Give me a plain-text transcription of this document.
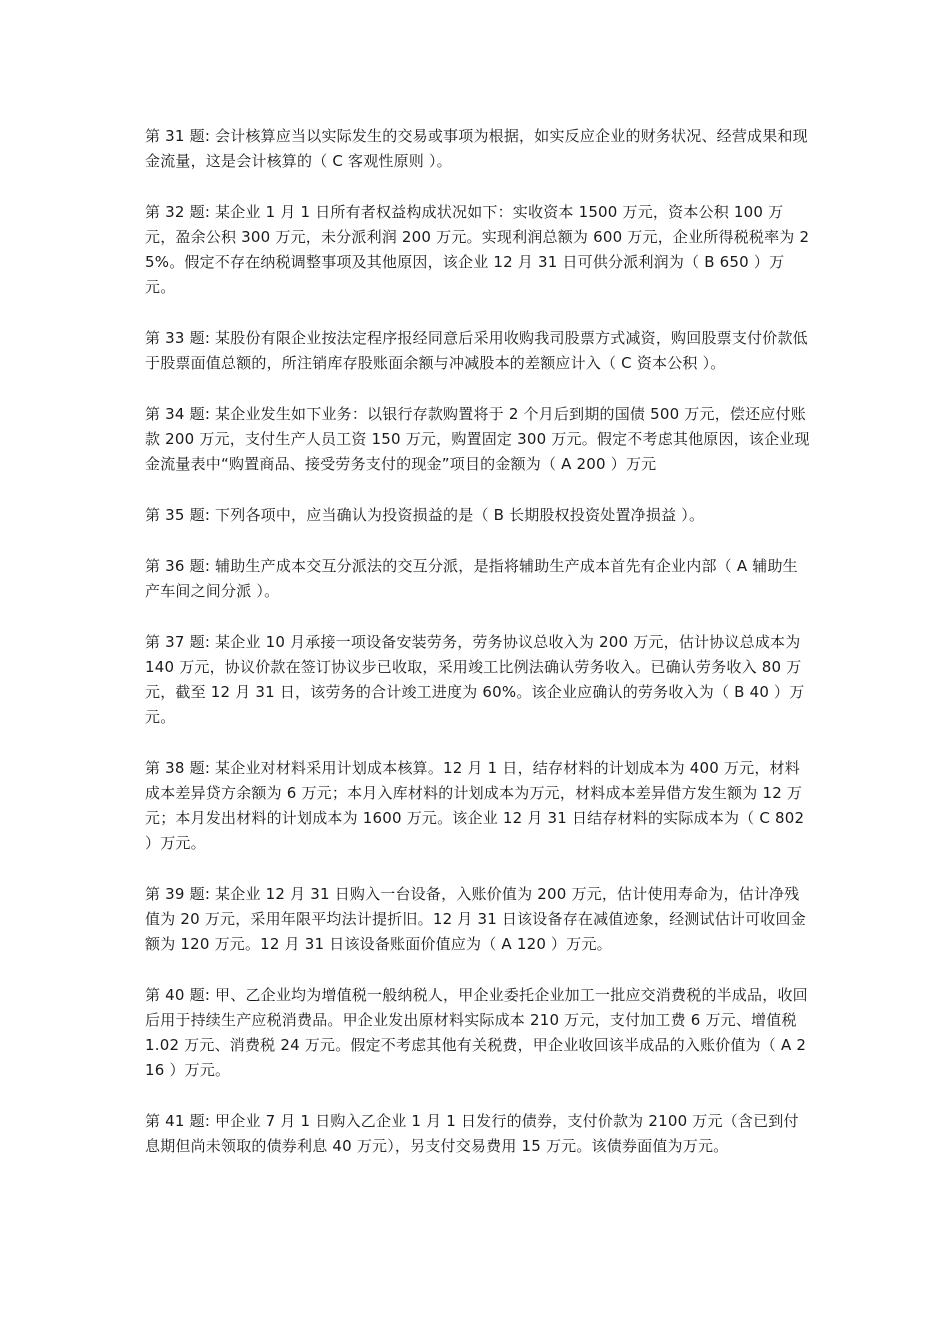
第 31 题: 会计核算应当以实际发生的交易或事项为根据，如实反应企业的财务状况、经营成果和现金流量，这是会计核算的（ C 客观性原则 ）。

第 32 题: 某企业 1 月 1 日所有者权益构成状况如下：实收资本 1500 万元，资本公积 100 万元，盈余公积 300 万元，未分派利润 200 万元。实现利润总额为 600 万元，企业所得税税率为 25%。假定不存在纳税调整事项及其他原因，该企业 12 月 31 日可供分派利润为（ B 650 ）万元。

第 33 题: 某股份有限企业按法定程序报经同意后采用收购我司股票方式减资，购回股票支付价款低于股票面值总额的，所注销库存股账面余额与冲减股本的差额应计入（ C 资本公积 ）。

第 34 题: 某企业发生如下业务：以银行存款购置将于 2 个月后到期的国债 500 万元，偿还应付账款 200 万元，支付生产人员工资 150 万元，购置固定 300 万元。假定不考虑其他原因，该企业现金流量表中“购置商品、接受劳务支付的现金”项目的金额为（ A 200 ）万元

第 35 题: 下列各项中，应当确认为投资损益的是（ B 长期股权投资处置净损益 ）。

第 36 题: 辅助生产成本交互分派法的交互分派，是指将辅助生产成本首先有企业内部（ A 辅助生产车间之间分派 ）。

第 37 题: 某企业 10 月承接一项设备安装劳务，劳务协议总收入为 200 万元，估计协议总成本为 140 万元，协议价款在签订协议步已收取，采用竣工比例法确认劳务收入。已确认劳务收入 80 万元，截至 12 月 31 日，该劳务的合计竣工进度为 60%。该企业应确认的劳务收入为（ B 40 ）万元。

第 38 题: 某企业对材料采用计划成本核算。12 月 1 日，结存材料的计划成本为 400 万元，材料成本差异贷方余额为 6 万元；本月入库材料的计划成本为万元，材料成本差异借方发生额为 12 万元；本月发出材料的计划成本为 1600 万元。该企业 12 月 31 日结存材料的实际成本为（ C 802 ）万元。

第 39 题: 某企业 12 月 31 日购入一台设备，入账价值为 200 万元，估计使用寿命为，估计净残值为 20 万元，采用年限平均法计提折旧。12 月 31 日该设备存在减值迹象，经测试估计可收回金额为 120 万元。12 月 31 日该设备账面价值应为（ A 120 ）万元。

第 40 题: 甲、乙企业均为增值税一般纳税人，甲企业委托企业加工一批应交消费税的半成品，收回后用于持续生产应税消费品。甲企业发出原材料实际成本 210 万元，支付加工费 6 万元、增值税 1.02 万元、消费税 24 万元。假定不考虑其他有关税费，甲企业收回该半成品的入账价值为（ A 216 ）万元。

第 41 题: 甲企业 7 月 1 日购入乙企业 1 月 1 日发行的债券，支付价款为 2100 万元（含已到付息期但尚未领取的债券利息 40 万元），另支付交易费用 15 万元。该债券面值为万元。
